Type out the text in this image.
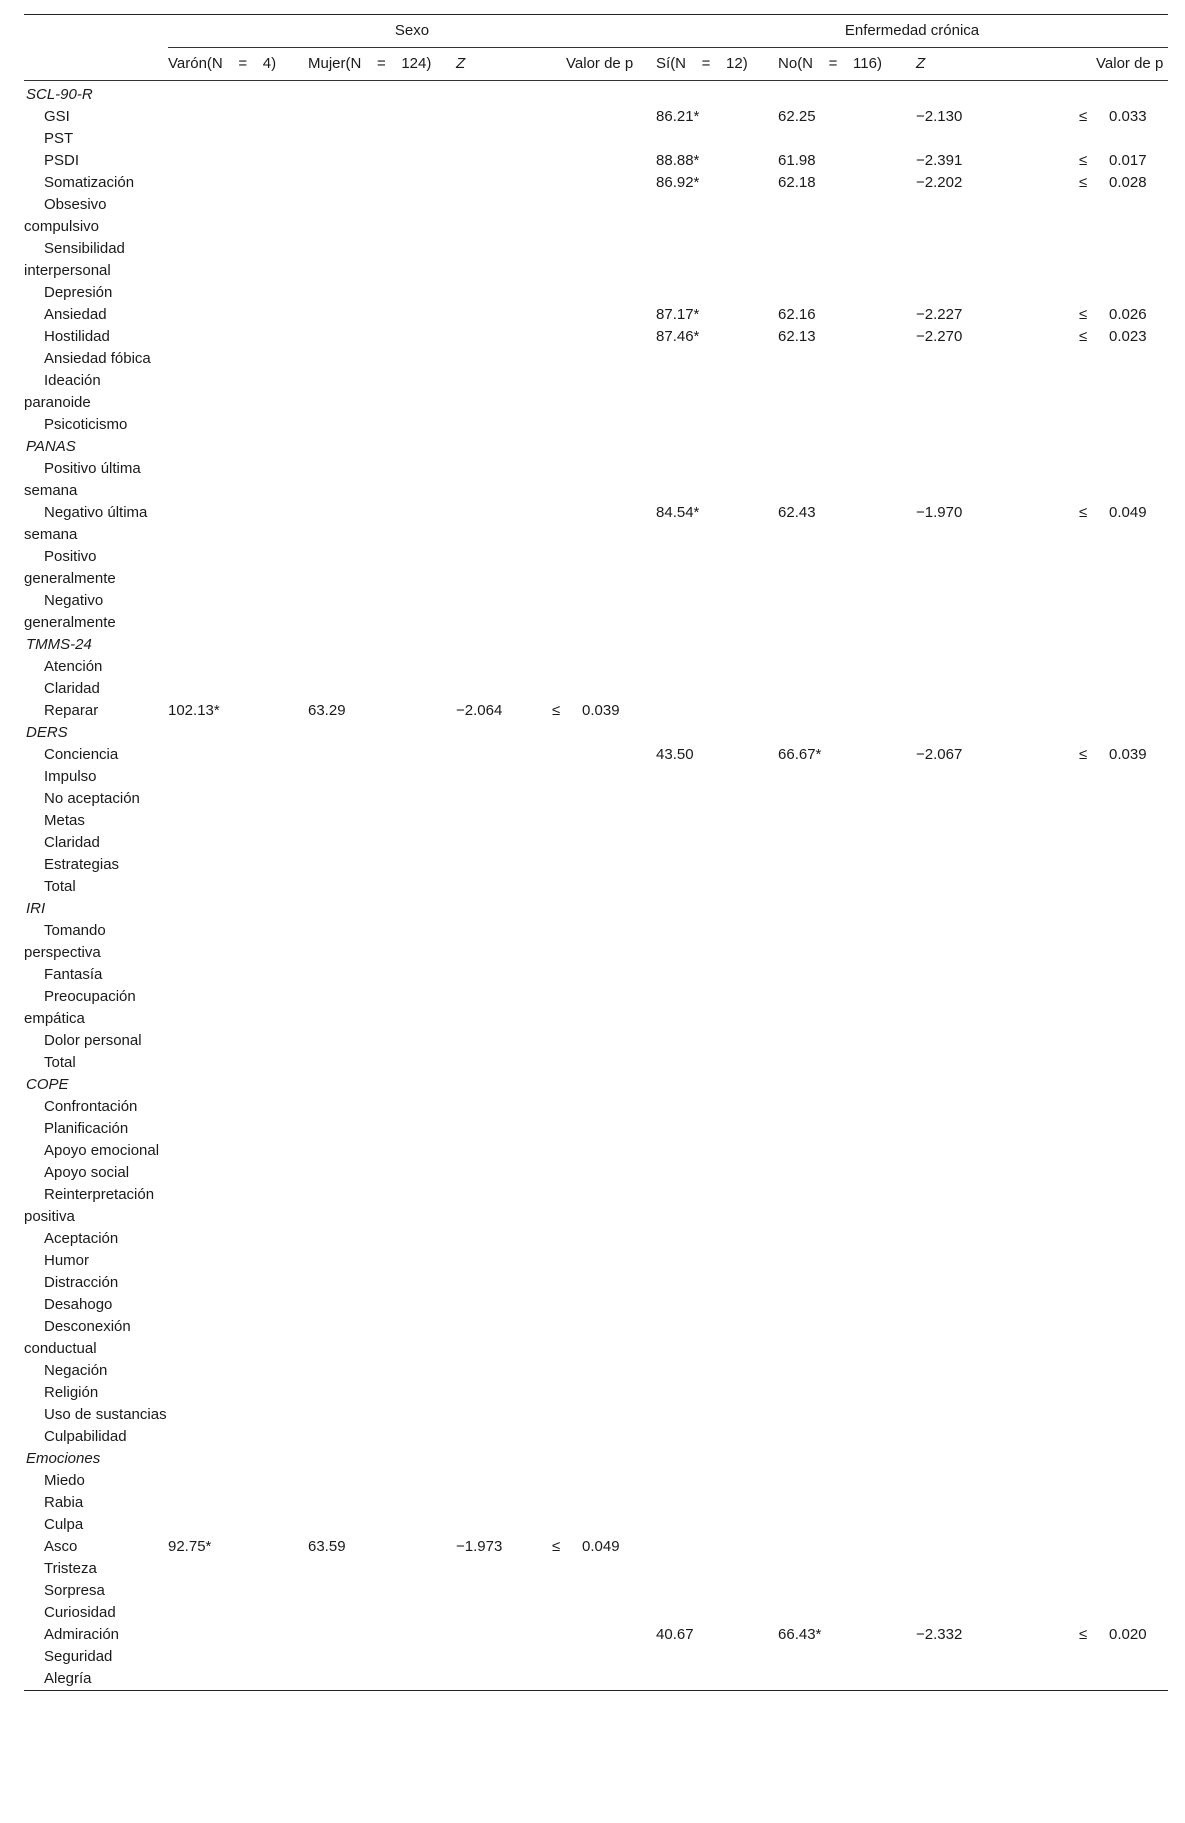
	Sexo				Enfermedad crónica			

	Varón(N = 4)	Mujer(N = 124)	Z	Valor de p	Sí(N = 12)	No(N = 116)	Z	Valor de p
SCL-90-R								

GSI					86.21*	62.25	−2.130	≤ 0.033

PST								

PSDI					88.88*	61.98	−2.391	≤ 0.017

Somatización					86.92*	62.18	−2.202	≤ 0.028

Obsesivo compulsivo								

Sensibilidad interpersonal								

Depresión								

Ansiedad					87.17*	62.16	−2.227	≤ 0.026

Hostilidad					87.46*	62.13	−2.270	≤ 0.023

Ansiedad fóbica								

Ideación paranoide								

Psicoticismo								

PANAS								

Positivo última semana								

Negativo última semana					84.54*	62.43	−1.970	≤ 0.049

Positivo generalmente								

Negativo generalmente								

TMMS-24								

Atención								

Claridad								

Reparar	102.13*	63.29	−2.064	≤ 0.039				

DERS								

Conciencia					43.50	66.67*	−2.067	≤ 0.039

Impulso								

No aceptación								

Metas								

Claridad								

Estrategias								

Total								

IRI								

Tomando perspectiva								

Fantasía								

Preocupación empática								

Dolor personal								

Total								

COPE								

Confrontación								

Planificación								

Apoyo emocional								

Apoyo social								

Reinterpretación positiva								

Aceptación								

Humor								

Distracción								

Desahogo								

Desconexión conductual								

Negación								

Religión								

Uso de sustancias								

Culpabilidad								

Emociones								

Miedo								

Rabia								

Culpa								

Asco	92.75*	63.59	−1.973	≤ 0.049				

Tristeza								

Sorpresa								

Curiosidad								

Admiración					40.67	66.43*	−2.332	≤ 0.020

Seguridad								

Alegría								
